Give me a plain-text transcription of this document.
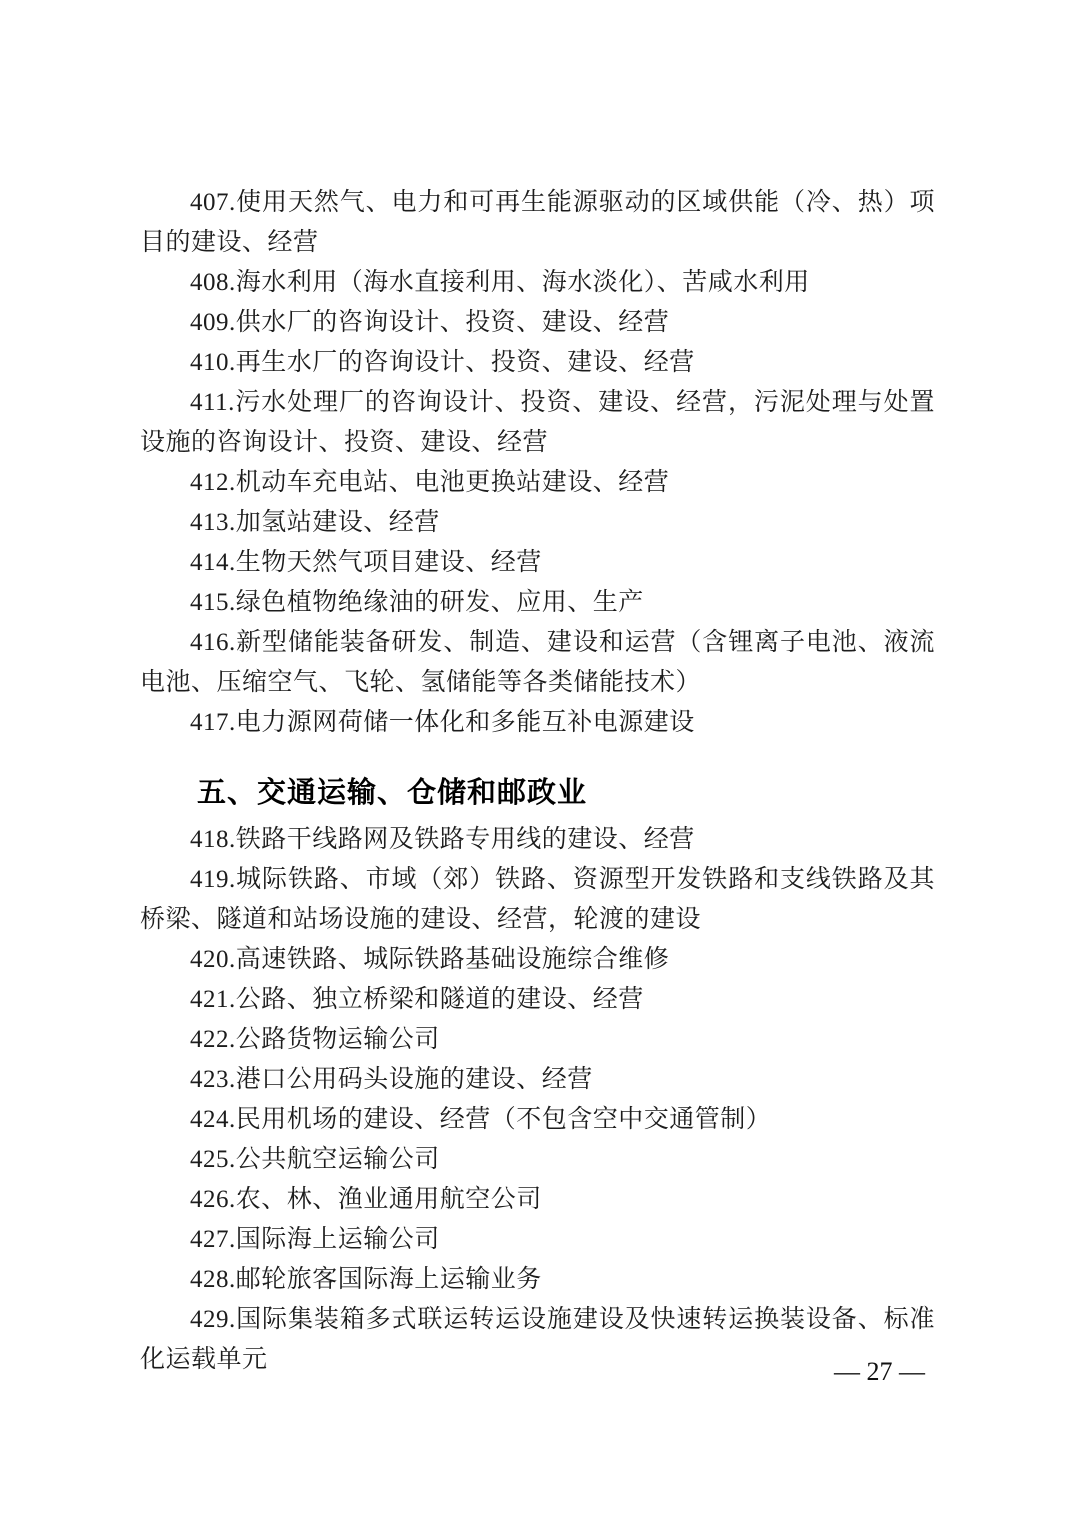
407.使用天然气、电力和可再生能源驱动的区域供能（冷、热）项目的建设、经营

408.海水利用（海水直接利用、海水淡化）、苦咸水利用

409.供水厂的咨询设计、投资、建设、经营

410.再生水厂的咨询设计、投资、建设、经营

411.污水处理厂的咨询设计、投资、建设、经营，污泥处理与处置设施的咨询设计、投资、建设、经营

412.机动车充电站、电池更换站建设、经营

413.加氢站建设、经营

414.生物天然气项目建设、经营

415.绿色植物绝缘油的研发、应用、生产

416.新型储能装备研发、制造、建设和运营（含锂离子电池、液流电池、压缩空气、飞轮、氢储能等各类储能技术）

417.电力源网荷储一体化和多能互补电源建设

五、交通运输、仓储和邮政业

418.铁路干线路网及铁路专用线的建设、经营

419.城际铁路、市域（郊）铁路、资源型开发铁路和支线铁路及其桥梁、隧道和站场设施的建设、经营，轮渡的建设

420.高速铁路、城际铁路基础设施综合维修

421.公路、独立桥梁和隧道的建设、经营

422.公路货物运输公司

423.港口公用码头设施的建设、经营

424.民用机场的建设、经营（不包含空中交通管制）

425.公共航空运输公司

426.农、林、渔业通用航空公司

427.国际海上运输公司

428.邮轮旅客国际海上运输业务

429.国际集装箱多式联运转运设施建设及快速转运换装设备、标准化运载单元	— 27 —
